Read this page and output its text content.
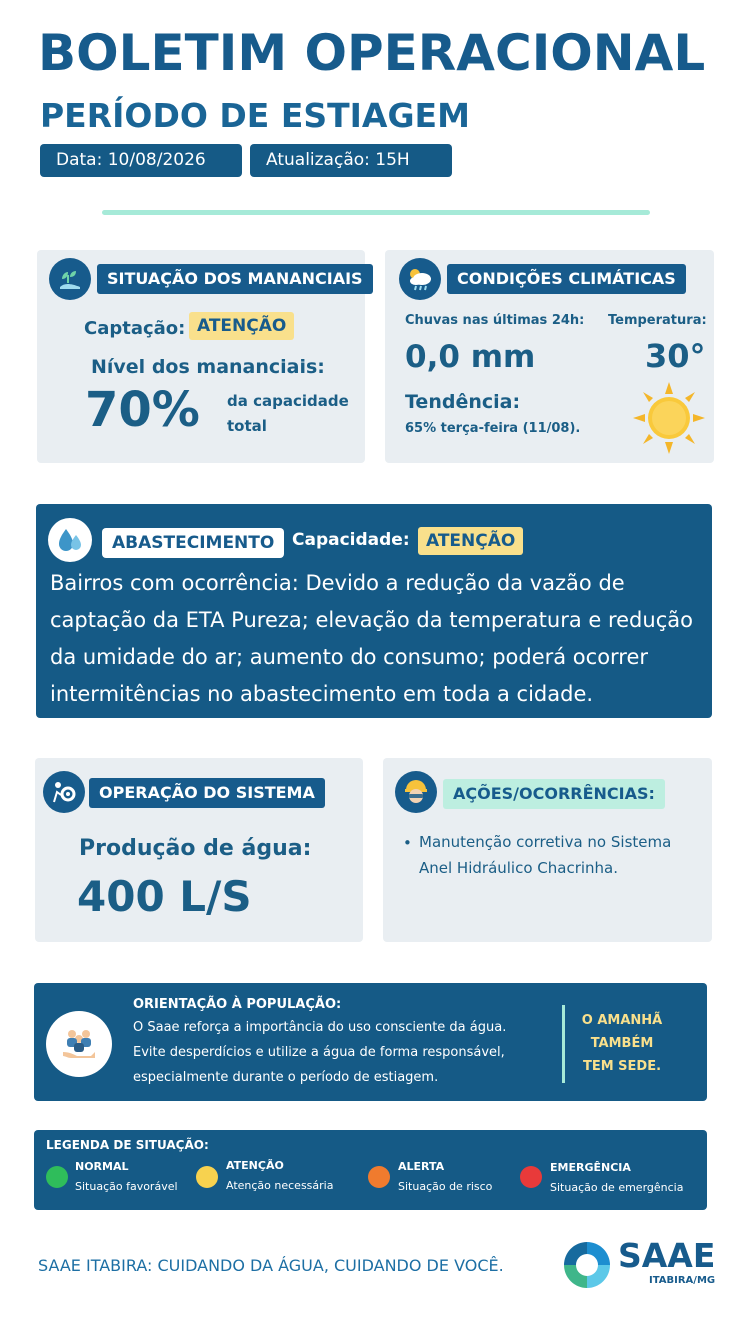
BOLETIM OPERACIONAL
PERÍODO DE ESTIAGEM
Data: 10/08/2026	Atualização: 15H
SITUAÇÃO DOS MANANCIAIS
Captação: ATENÇÃO
Nível dos mananciais:
70% da capacidade
total
CONDIÇÕES CLIMÁTICAS
Chuvas nas últimas 24h: Temperatura:
0,0 mm	30°
Tendência:
65% terça-feira (11/08).
ABASTECIMENTO	Capacidade: ATENÇÃO
Bairros com ocorrência: Devido a redução da vazão de
captação da ETA Pureza; elevação da temperatura e redução
da umidade do ar; aumento do consumo; poderá ocorrer
intermitências no abastecimento em toda a cidade.
OPERAÇÃO DO SISTEMA
Produção de água:
400 L/S
AÇÕES/OCORRÊNCIAS:
• Manutenção corretiva no Sistema
Anel Hidráulico Chacrinha.
ORIENTAÇÃO À POPULAÇÃO:
O Saae reforça a importância do uso consciente da água.
Evite desperdícios e utilize a água de forma responsável,
especialmente durante o período de estiagem.
O AMANHÃ
TAMBÉM
TEM SEDE.
LEGENDA DE SITUAÇÃO:
NORMAL
Situação favorável
ATENÇÃO
Atenção necessária
ALERTA
Situação de risco
EMERGÊNCIA
Situação de emergência
SAAE ITABIRA: CUIDANDO DA ÁGUA, CUIDANDO DE VOCÊ.	SAAE
ITABIRA/MG
